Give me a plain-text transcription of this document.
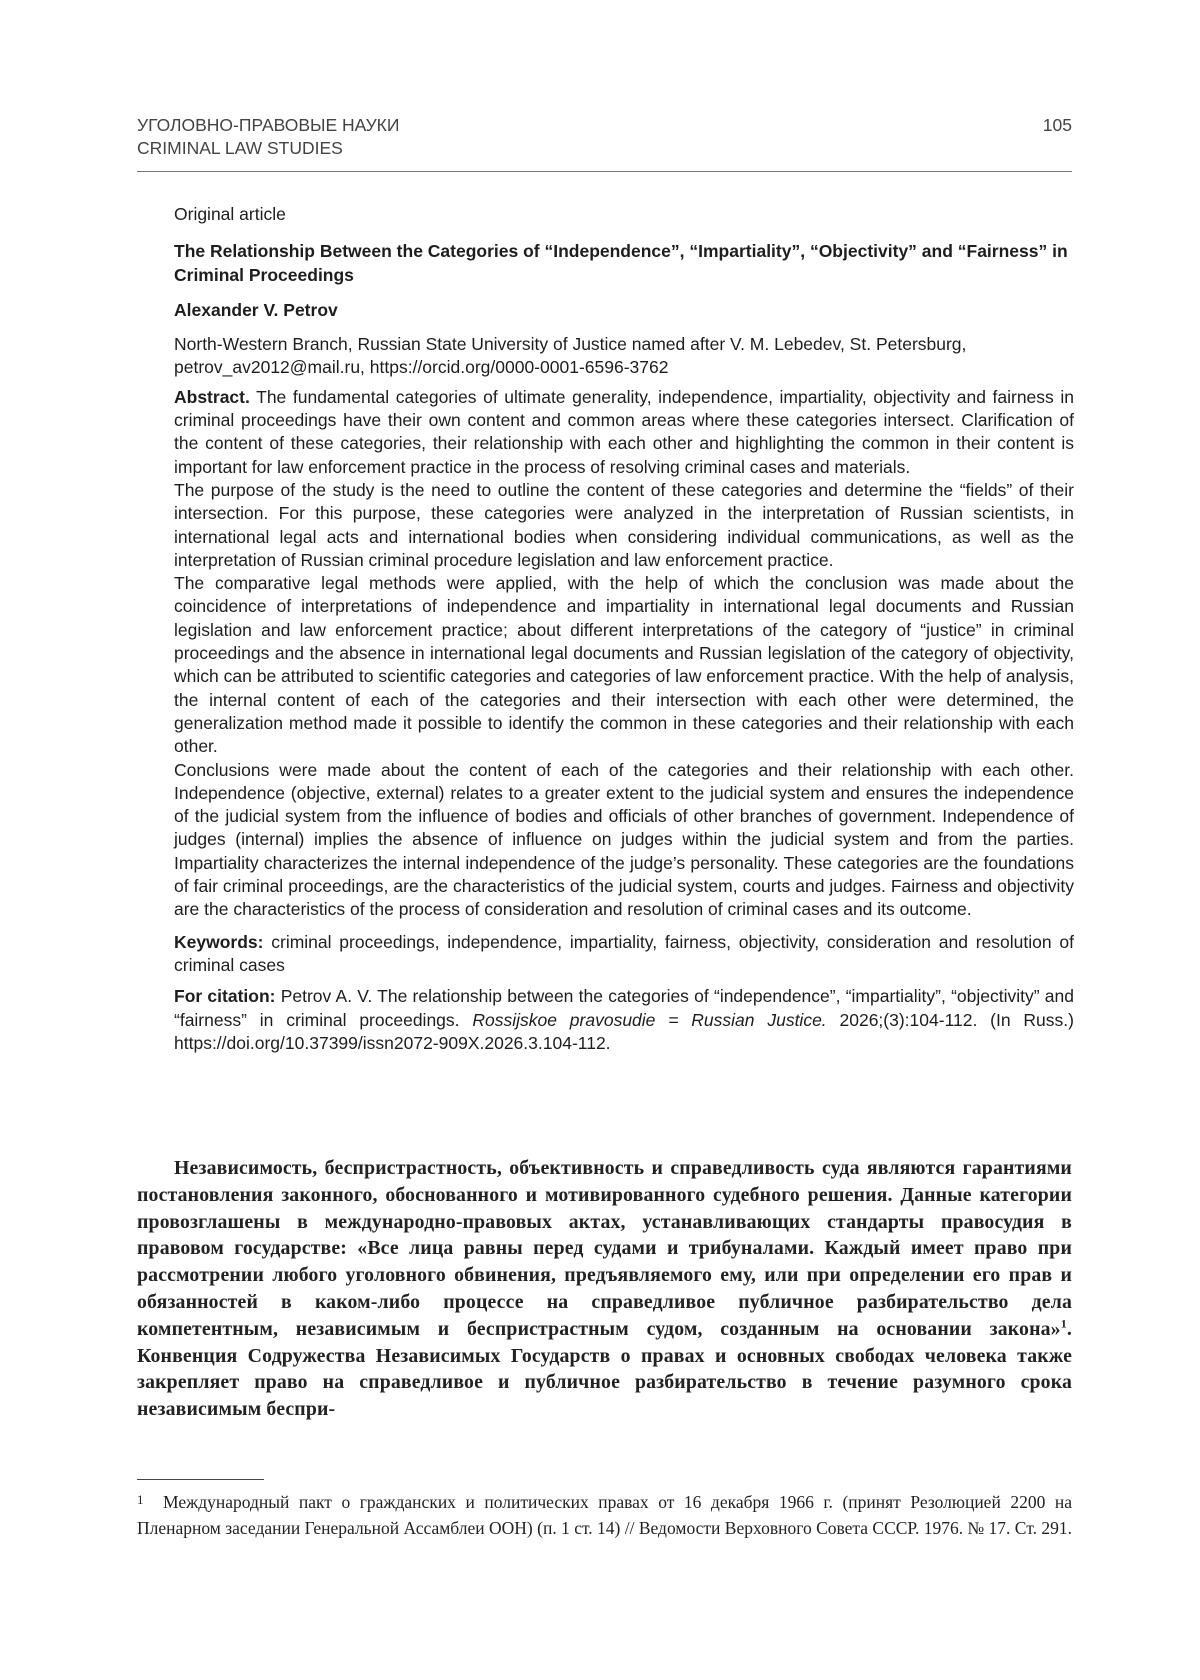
УГОЛОВНО-ПРАВОВЫЕ НАУКИ
CRIMINAL LAW STUDIES
105
Original article
The Relationship Between the Categories of “Independence”, “Impartiality”, “Objectivity” and “Fairness” in Criminal Proceedings
Alexander V. Petrov
North-Western Branch, Russian State University of Justice named after V. M. Lebedev, St. Petersburg, petrov_av2012@mail.ru, https://orcid.org/0000-0001-6596-3762

Abstract. The fundamental categories of ultimate generality, independence, impartiality, objectivity and fairness in criminal proceedings have their own content and common areas where these categories intersect. Clarification of the content of these categories, their relationship with each other and highlighting the common in their content is important for law enforcement practice in the process of resolving criminal cases and materials.

The purpose of the study is the need to outline the content of these categories and determine the “fields” of their intersection. For this purpose, these categories were analyzed in the interpretation of Russian scientists, in international legal acts and international bodies when considering individual communications, as well as the interpretation of Russian criminal procedure legislation and law enforcement practice.

The comparative legal methods were applied, with the help of which the conclusion was made about the coincidence of interpretations of independence and impartiality in international legal documents and Russian legislation and law enforcement practice; about different interpretations of the category of “justice” in criminal proceedings and the absence in international legal documents and Russian legislation of the category of objectivity, which can be attributed to scientific categories and categories of law enforcement practice. With the help of analysis, the internal content of each of the categories and their intersection with each other were determined, the generalization method made it possible to identify the common in these categories and their relationship with each other.

Conclusions were made about the content of each of the categories and their relationship with each other. Independence (objective, external) relates to a greater extent to the judicial system and ensures the independence of the judicial system from the influence of bodies and officials of other branches of government. Independence of judges (internal) implies the absence of influence on judges within the judicial system and from the parties. Impartiality characterizes the internal independence of the judge’s personality. These categories are the foundations of fair criminal proceedings, are the characteristics of the judicial system, courts and judges. Fairness and objectivity are the characteristics of the process of consideration and resolution of criminal cases and its outcome.

Keywords: criminal proceedings, independence, impartiality, fairness, objectivity, consideration and resolution of criminal cases
For citation: Petrov A. V. The relationship between the categories of “independence”, “impartiality”, “objectivity” and “fairness” in criminal proceedings. Rossijskoe pravosudie = Russian Justice. 2026;(3):104-112. (In Russ.) https://doi.org/10.37399/issn2072-909X.2026.3.104-112.

Независимость, беспристрастность, объективность и справедливость суда являются гарантиями постановления законного, обоснованного и мотивированного судебного решения. Данные категории провозглашены в международно-правовых актах, устанавливающих стандарты правосудия в правовом государстве: «Все лица равны перед судами и трибуналами. Каждый имеет право при рассмотрении любого уголовного обвинения, предъявляемого ему, или при определении его прав и обязанностей в каком-либо процессе на справедливое публичное разбирательство дела компетентным, независимым и беспристрастным судом, созданным на основании закона»$^1$. Конвенция Содружества Независимых Государств о правах и основных свободах человека также закрепляет право на справедливое и публичное разбирательство в течение разумного срока независимым беспри-

1 Международный пакт о гражданских и политических правах от 16 декабря 1966 г. (принят Резолюцией 2200 на Пленарном заседании Генеральной Ассамблеи ООН) (п. 1 ст. 14) // Ведомости Верховного Совета СССР. 1976. № 17. Ст. 291.
